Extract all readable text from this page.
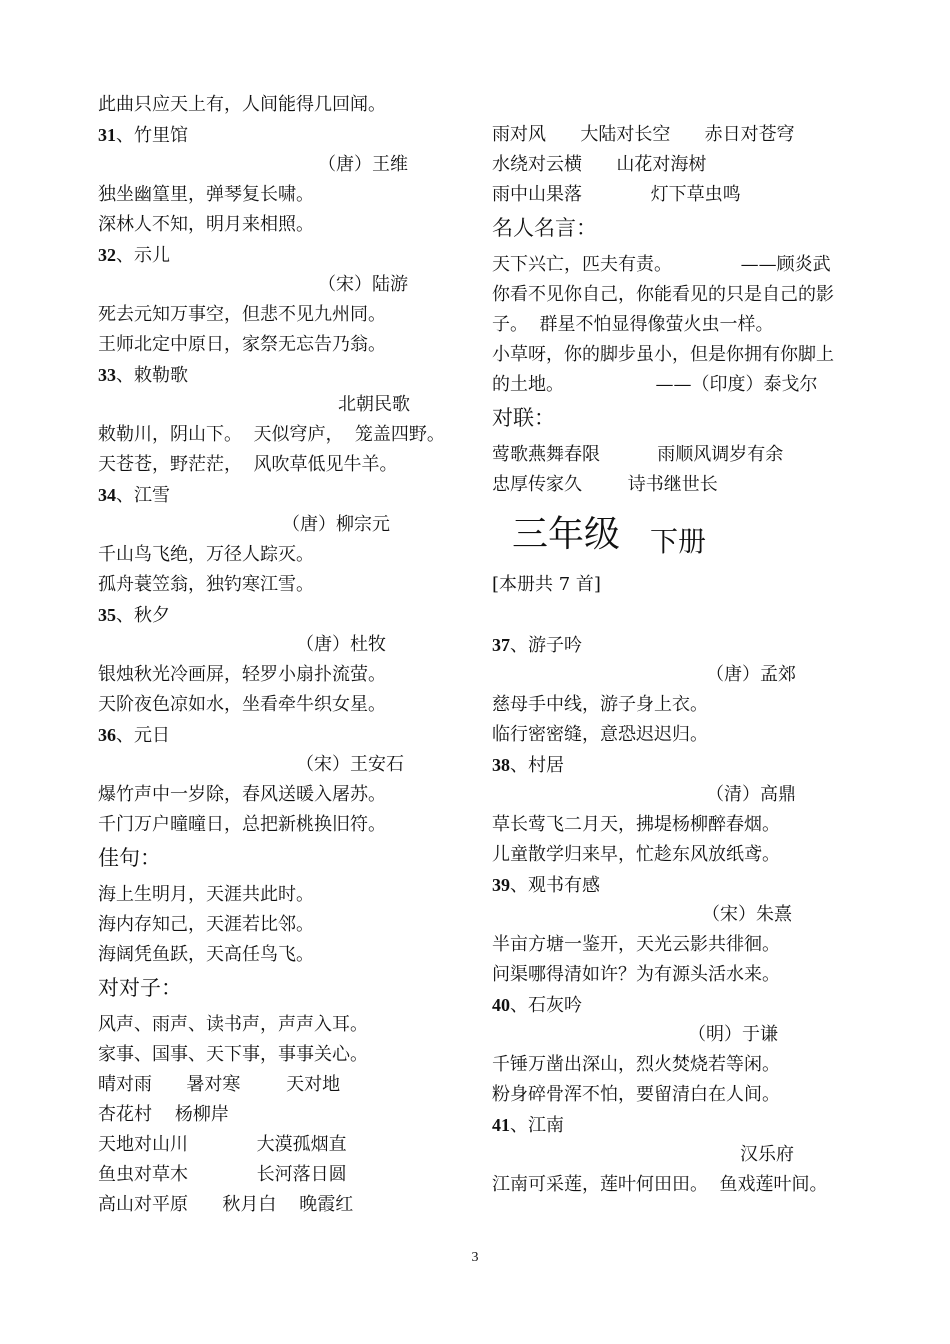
此曲只应天上有，人间能得几回闻。
31、竹里馆
（唐）王维
独坐幽篁里，弹琴复长啸。
深林人不知，明月来相照。
32、示儿
（宋）陆游
死去元知万事空，但悲不见九州同。
王师北定中原日，家祭无忘告乃翁。
33、敕勒歌
北朝民歌
敕勒川，阴山下。  天似穹庐，  笼盖四野。
天苍苍，野茫茫，  风吹草低见牛羊。
34、江雪
（唐）柳宗元
千山鸟飞绝，万径人踪灭。
孤舟蓑笠翁，独钓寒江雪。
35、秋夕
（唐）杜牧
银烛秋光冷画屏，轻罗小扇扑流萤。
天阶夜色凉如水，坐看牵牛织女星。
36、元日
（宋）王安石
爆竹声中一岁除，春风送暖入屠苏。
千门万户曈曈日，总把新桃换旧符。
佳句：
海上生明月，天涯共此时。
海内存知己，天涯若比邻。
海阔凭鱼跃，天高任鸟飞。
对对子：
风声、雨声、读书声，声声入耳。
家事、国事、天下事，事事关心。
晴对雨      暑对寒        天对地
杏花村    杨柳岸
天地对山川            大漠孤烟直
鱼虫对草木            长河落日圆
高山对平原      秋月白    晚霞红
雨对风      大陆对长空      赤日对苍穹
水绕对云横      山花对海树
雨中山果落            灯下草虫鸣
名人名言：
天下兴亡，匹夫有责。            ——顾炎武
你看不见你自己，你能看见的只是自己的影
子。  群星不怕显得像萤火虫一样。
小草呀，你的脚步虽小，但是你拥有你脚上
的土地。                ——（印度）泰戈尔
对联：
莺歌燕舞春限          雨顺风调岁有余
忠厚传家久        诗书继世长
三年级 下册
[本册共 7 首]
37、游子吟
（唐）孟郊
慈母手中线，游子身上衣。
临行密密缝，意恐迟迟归。
38、村居
（清）高鼎
草长莺飞二月天，拂堤杨柳醉春烟。
儿童散学归来早，忙趁东风放纸鸢。
39、观书有感
（宋）朱熹
半亩方塘一鉴开，天光云影共徘徊。
问渠哪得清如许？为有源头活水来。
40、石灰吟
（明）于谦
千锤万凿出深山，烈火焚烧若等闲。
粉身碎骨浑不怕，要留清白在人间。
41、江南
汉乐府
江南可采莲，莲叶何田田。  鱼戏莲叶间。
3
